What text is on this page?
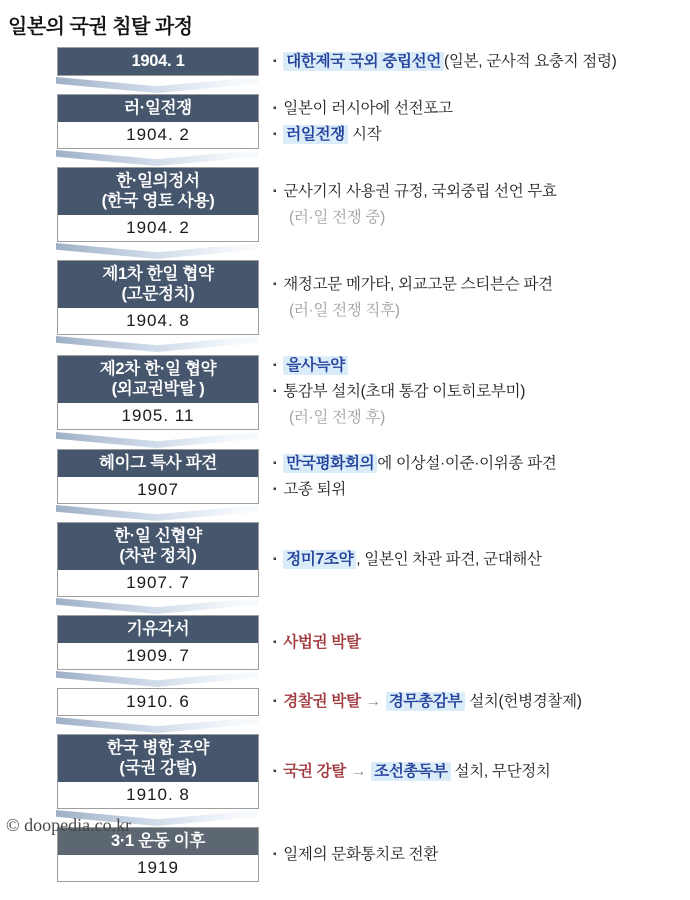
일본의 국권 침탈 과정
1904. 1	▪ 대한제국 국외 중립선언 (일본, 군사적 요충지 점령)
러·일전쟁
1904. 2
▪ 일본이 러시아에 선전포고
▪ 러일전쟁 시작
한·일의정서
(한국 영토 사용)
1904. 2
▪ 군사기지 사용권 규정, 국외중립 선언 무효
(러·일 전쟁 중)
제1차 한일 협약
(고문정치)
1904. 8
▪ 재정고문 메가타, 외교고문 스티븐슨 파견
(러·일 전쟁 직후)
제2차 한·일 협약
(외교권박탈 )
1905. 11
▪ 을사늑약
▪ 통감부 설치(초대 통감 이토히로부미)
(러·일 전쟁 후)
헤이그 특사 파견
1907
▪ 만국평화회의 에 이상설·이준·이위종 파견
▪ 고종 퇴위
한·일 신협약
(차관 정치)
1907. 7
▪ 정미7조약 , 일본인 차관 파견, 군대해산
기유각서
1909. 7
▪ 사법권 박탈
1910. 6	▪ 경찰권 박탈 → 경무총감부 설치(헌병경찰제)
한국 병합 조약
(국권 강탈)
1910. 8
▪ 국권 강탈 → 조선총독부 설치, 무단정치
3·1 운동 이후
1919
▪ 일제의 문화통치로 전환
© doopedia.co.kr
